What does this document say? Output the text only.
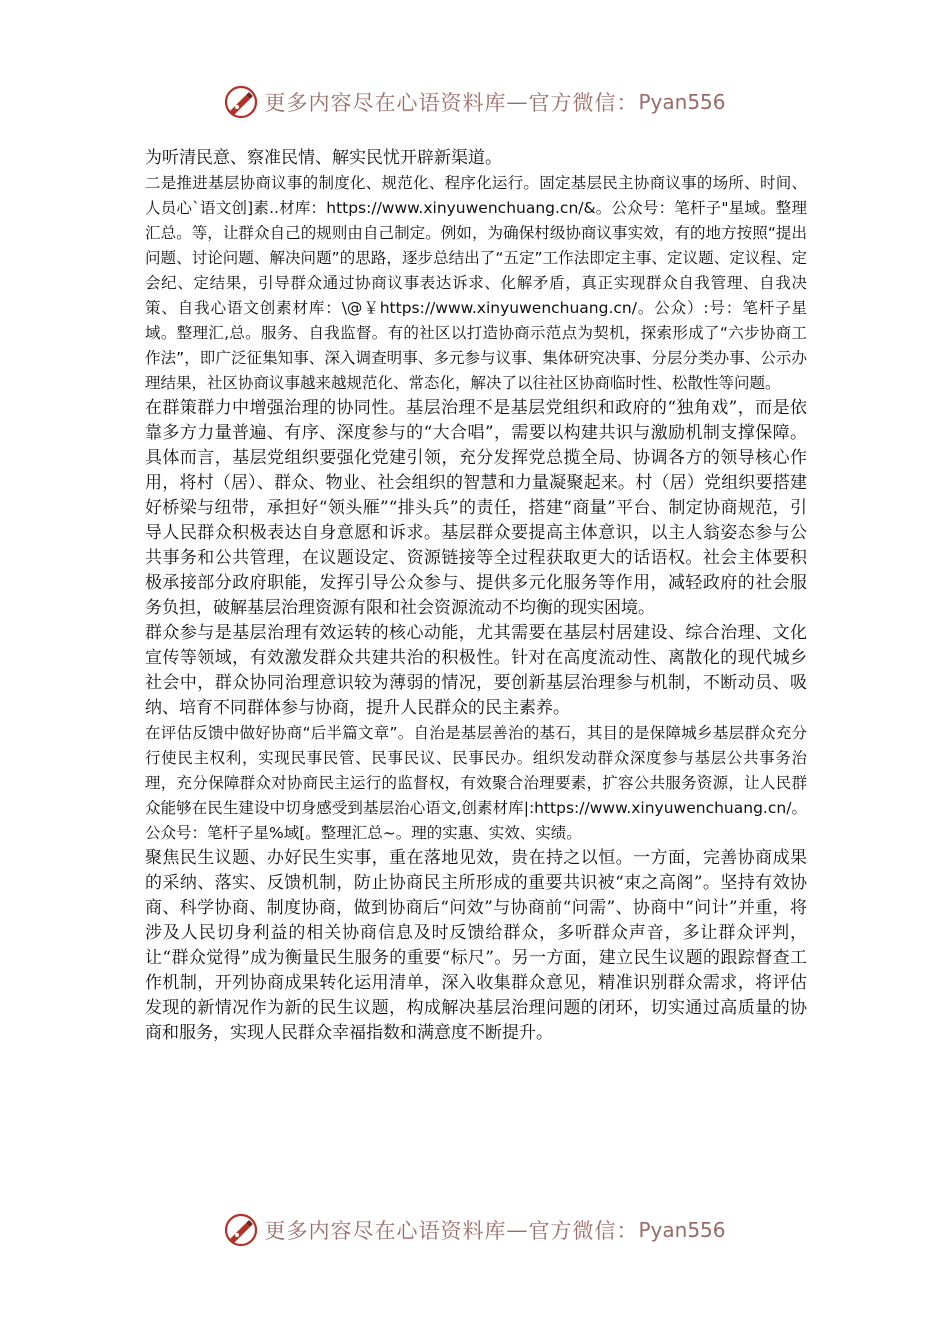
更多内容尽在心语资料库 — 官方微信： Pyan556

为听清民意、察准民情、解实民忧开辟新渠道。

二是推进基层协商议事的制度化、规范化、程序化运行。固定基层民主协商议事的场所、时间、人员心`语文创]素..材库：https://www.xinyuwenchuang.cn/&。公众号：笔杆子"星域。整理汇总。等，让群众自己的规则由自己制定。例如，为确保村级协商议事实效，有的地方按照“提出问题、讨论问题、解决问题”的思路，逐步总结出了“五定”工作法即定主事、定议题、定议程、定会纪、定结果，引导群众通过协商议事表达诉求、化解矛盾，真正实现群众自我管理、自我决策、自我心语文创素材库：\@￥https://www.xinyuwenchuang.cn/。公众）:号：笔杆子星域。整理汇,总。服务、自我监督。有的社区以打造协商示范点为契机，探索形成了“六步协商工作法”，即广泛征集知事、深入调查明事、多元参与议事、集体研究决事、分层分类办事、公示办理结果，社区协商议事越来越规范化、常态化，解决了以往社区协商临时性、松散性等问题。

在群策群力中增强治理的协同性。基层治理不是基层党组织和政府的“独角戏”，而是依靠多方力量普遍、有序、深度参与的“大合唱”，需要以构建共识与激励机制支撑保障。具体而言，基层党组织要强化党建引领，充分发挥党总揽全局、协调各方的领导核心作用，将村（居）、群众、物业、社会组织的智慧和力量凝聚起来。村（居）党组织要搭建好桥梁与纽带，承担好“领头雁”“排头兵”的责任，搭建“商量”平台、制定协商规范，引导人民群众积极表达自身意愿和诉求。基层群众要提高主体意识，以主人翁姿态参与公共事务和公共管理，在议题设定、资源链接等全过程获取更大的话语权。社会主体要积极承接部分政府职能，发挥引导公众参与、提供多元化服务等作用，减轻政府的社会服务负担，破解基层治理资源有限和社会资源流动不均衡的现实困境。

群众参与是基层治理有效运转的核心动能，尤其需要在基层村居建设、综合治理、文化宣传等领域，有效激发群众共建共治的积极性。针对在高度流动性、离散化的现代城乡社会中，群众协同治理意识较为薄弱的情况，要创新基层治理参与机制，不断动员、吸纳、培育不同群体参与协商，提升人民群众的民主素养。

在评估反馈中做好协商“后半篇文章”。自治是基层善治的基石，其目的是保障城乡基层群众充分行使民主权利，实现民事民管、民事民议、民事民办。组织发动群众深度参与基层公共事务治理，充分保障群众对协商民主运行的监督权，有效聚合治理要素，扩容公共服务资源，让人民群众能够在民生建设中切身感受到基层治心语文,创素材库|:https://www.xinyuwenchuang.cn/。公众号：笔杆子星%域[。整理汇总~。理的实惠、实效、实绩。

聚焦民生议题、办好民生实事，重在落地见效，贵在持之以恒。一方面，完善协商成果的采纳、落实、反馈机制，防止协商民主所形成的重要共识被“束之高阁”。坚持有效协商、科学协商、制度协商，做到协商后“问效”与协商前“问需”、协商中“问计”并重，将涉及人民切身利益的相关协商信息及时反馈给群众，多听群众声音，多让群众评判，让“群众觉得”成为衡量民生服务的重要“标尺”。另一方面，建立民生议题的跟踪督查工作机制，开列协商成果转化运用清单，深入收集群众意见，精准识别群众需求，将评估发现的新情况作为新的民生议题，构成解决基层治理问题的闭环，切实通过高质量的协商和服务，实现人民群众幸福指数和满意度不断提升。

更多内容尽在心语资料库 — 官方微信： Pyan556
